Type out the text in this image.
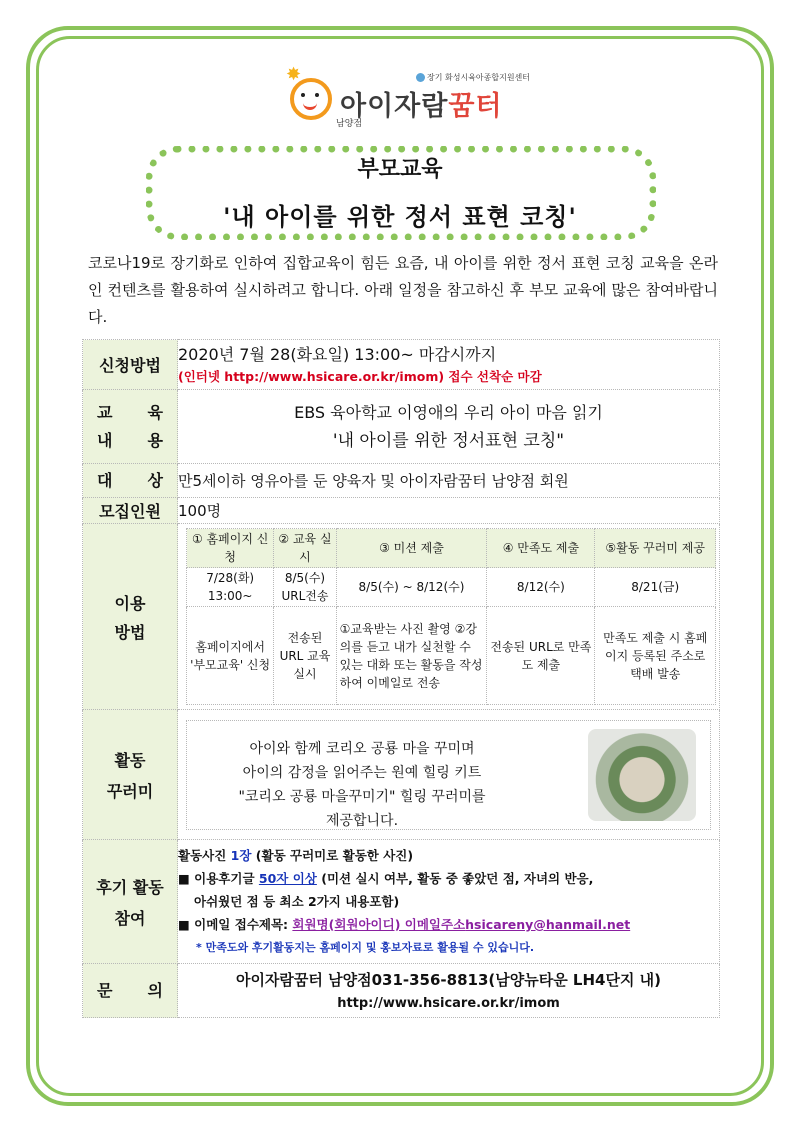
✸
아이자람꿈터
남양점
장기 화성시육아종합지원센터
부모교육
'내 아이를 위한 정서 표현 코칭'
코로나19로 장기화로 인하여 집합교육이 힘든 요즘, 내 아이를 위한 정서 표현 코칭 교육을 온라인 컨텐츠를 활용하여 실시하려고 합니다. 아래 일정을 참고하신 후 부모 교육에 많은 참여바랍니다.
신청방법	
2020년 7월 28(화요일) 13:00~ 마감시까지
(인터넷 http://www.hsicare.or.kr/imom) 접수 선착순 마감

교 육
내 용

EBS 육아학교 이영애의 우리 아이 마음 읽기
'내 아이를 위한 정서표현 코칭"

대 상	만5세이하 영유아를 둔 양육자 및 아이자람꿈터 남양점 회원
모집인원	100명

이용
방법

① 홈페이지 신청	② 교육 실시	③ 미션 제출	④ 만족도 제출	⑤활동 꾸러미 제공
7/28(화) 13:00~	8/5(수) URL전송	8/5(수) ~ 8/12(수)	8/12(수)	8/21(금)
홈페이지에서 '부모교육' 신청	전송된 URL 교육 실시	①교육받는 사진 촬영 ②강의를 듣고 내가 실천할 수 있는 대화 또는 활동을 작성하여 이메일로 전송	전송된 URL로 만족도 제출	만족도 제출 시 홈페이지 등록된 주소로 택배 발송

활동
꾸러미

아이와 함께 코리오 공룡 마을 꾸미며
아이의 감정을 읽어주는 원예 힐링 키트
"코리오 공룡 마을꾸미기" 힐링 꾸러미를
제공합니다.

후기 활동
참여

활동사진 1장 (활동 꾸러미로 활동한 사진)
■ 이용후기글 50자 이상 (미션 실시 여부, 활동 중 좋았던 점, 자녀의 반응,
아쉬웠던 점 등 최소 2가지 내용포함)
■ 이메일 접수제목: 회원명(회원아이디) 이메일주소hsicareny@hanmail.net
* 만족도와 후기활동지는 홈페이지 및 홍보자료로 활용될 수 있습니다.

문 의

아이자람꿈터 남양점031-356-8813(남양뉴타운 LH4단지 내)
http://www.hsicare.or.kr/imom
